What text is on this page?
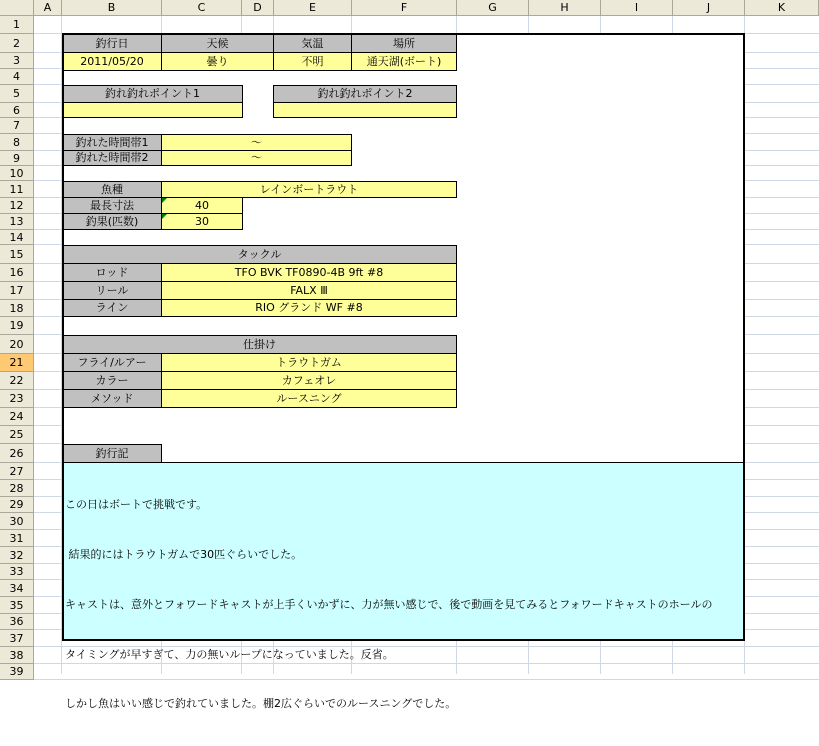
A	B	C	D	E	F	G	H	I	J	K
1
2
3
4
5
6
7
8
9
10
11
12
13
14
15
16
17
18
19
20
21
22
23
24
25
26
27
28
29
30
31
32
33
34
35
36
37
38
39
釣行日	天候	気温	場所
2011/05/20	曇り	不明	通天湖(ボート)
釣れ釣れポイント1	釣れ釣れポイント2
釣れた時間帯1	～
釣れた時間帯2	～
魚種	レインボートラウト
最長寸法	40
釣果(匹数)	30
タックル
ロッド	TFO BVK TF0890-4B 9ft #8
リール	FALX Ⅲ
ライン	RIO グランド WF #8
仕掛け
フライ/ルアー	トラウトガム
カラー	カフェオレ
メソッド	ルースニング
釣行記

この日はボートで挑戦です。

結果的にはトラウトガムで30匹ぐらいでした。

キャストは、意外とフォワードキャストが上手くいかずに、力が無い感じで、後で動画を見てみるとフォワードキャストのホールの

タイミングが早すぎて、力の無いループになっていました。反省。

しかし魚はいい感じで釣れていました。棚2広ぐらいでのルースニングでした。
